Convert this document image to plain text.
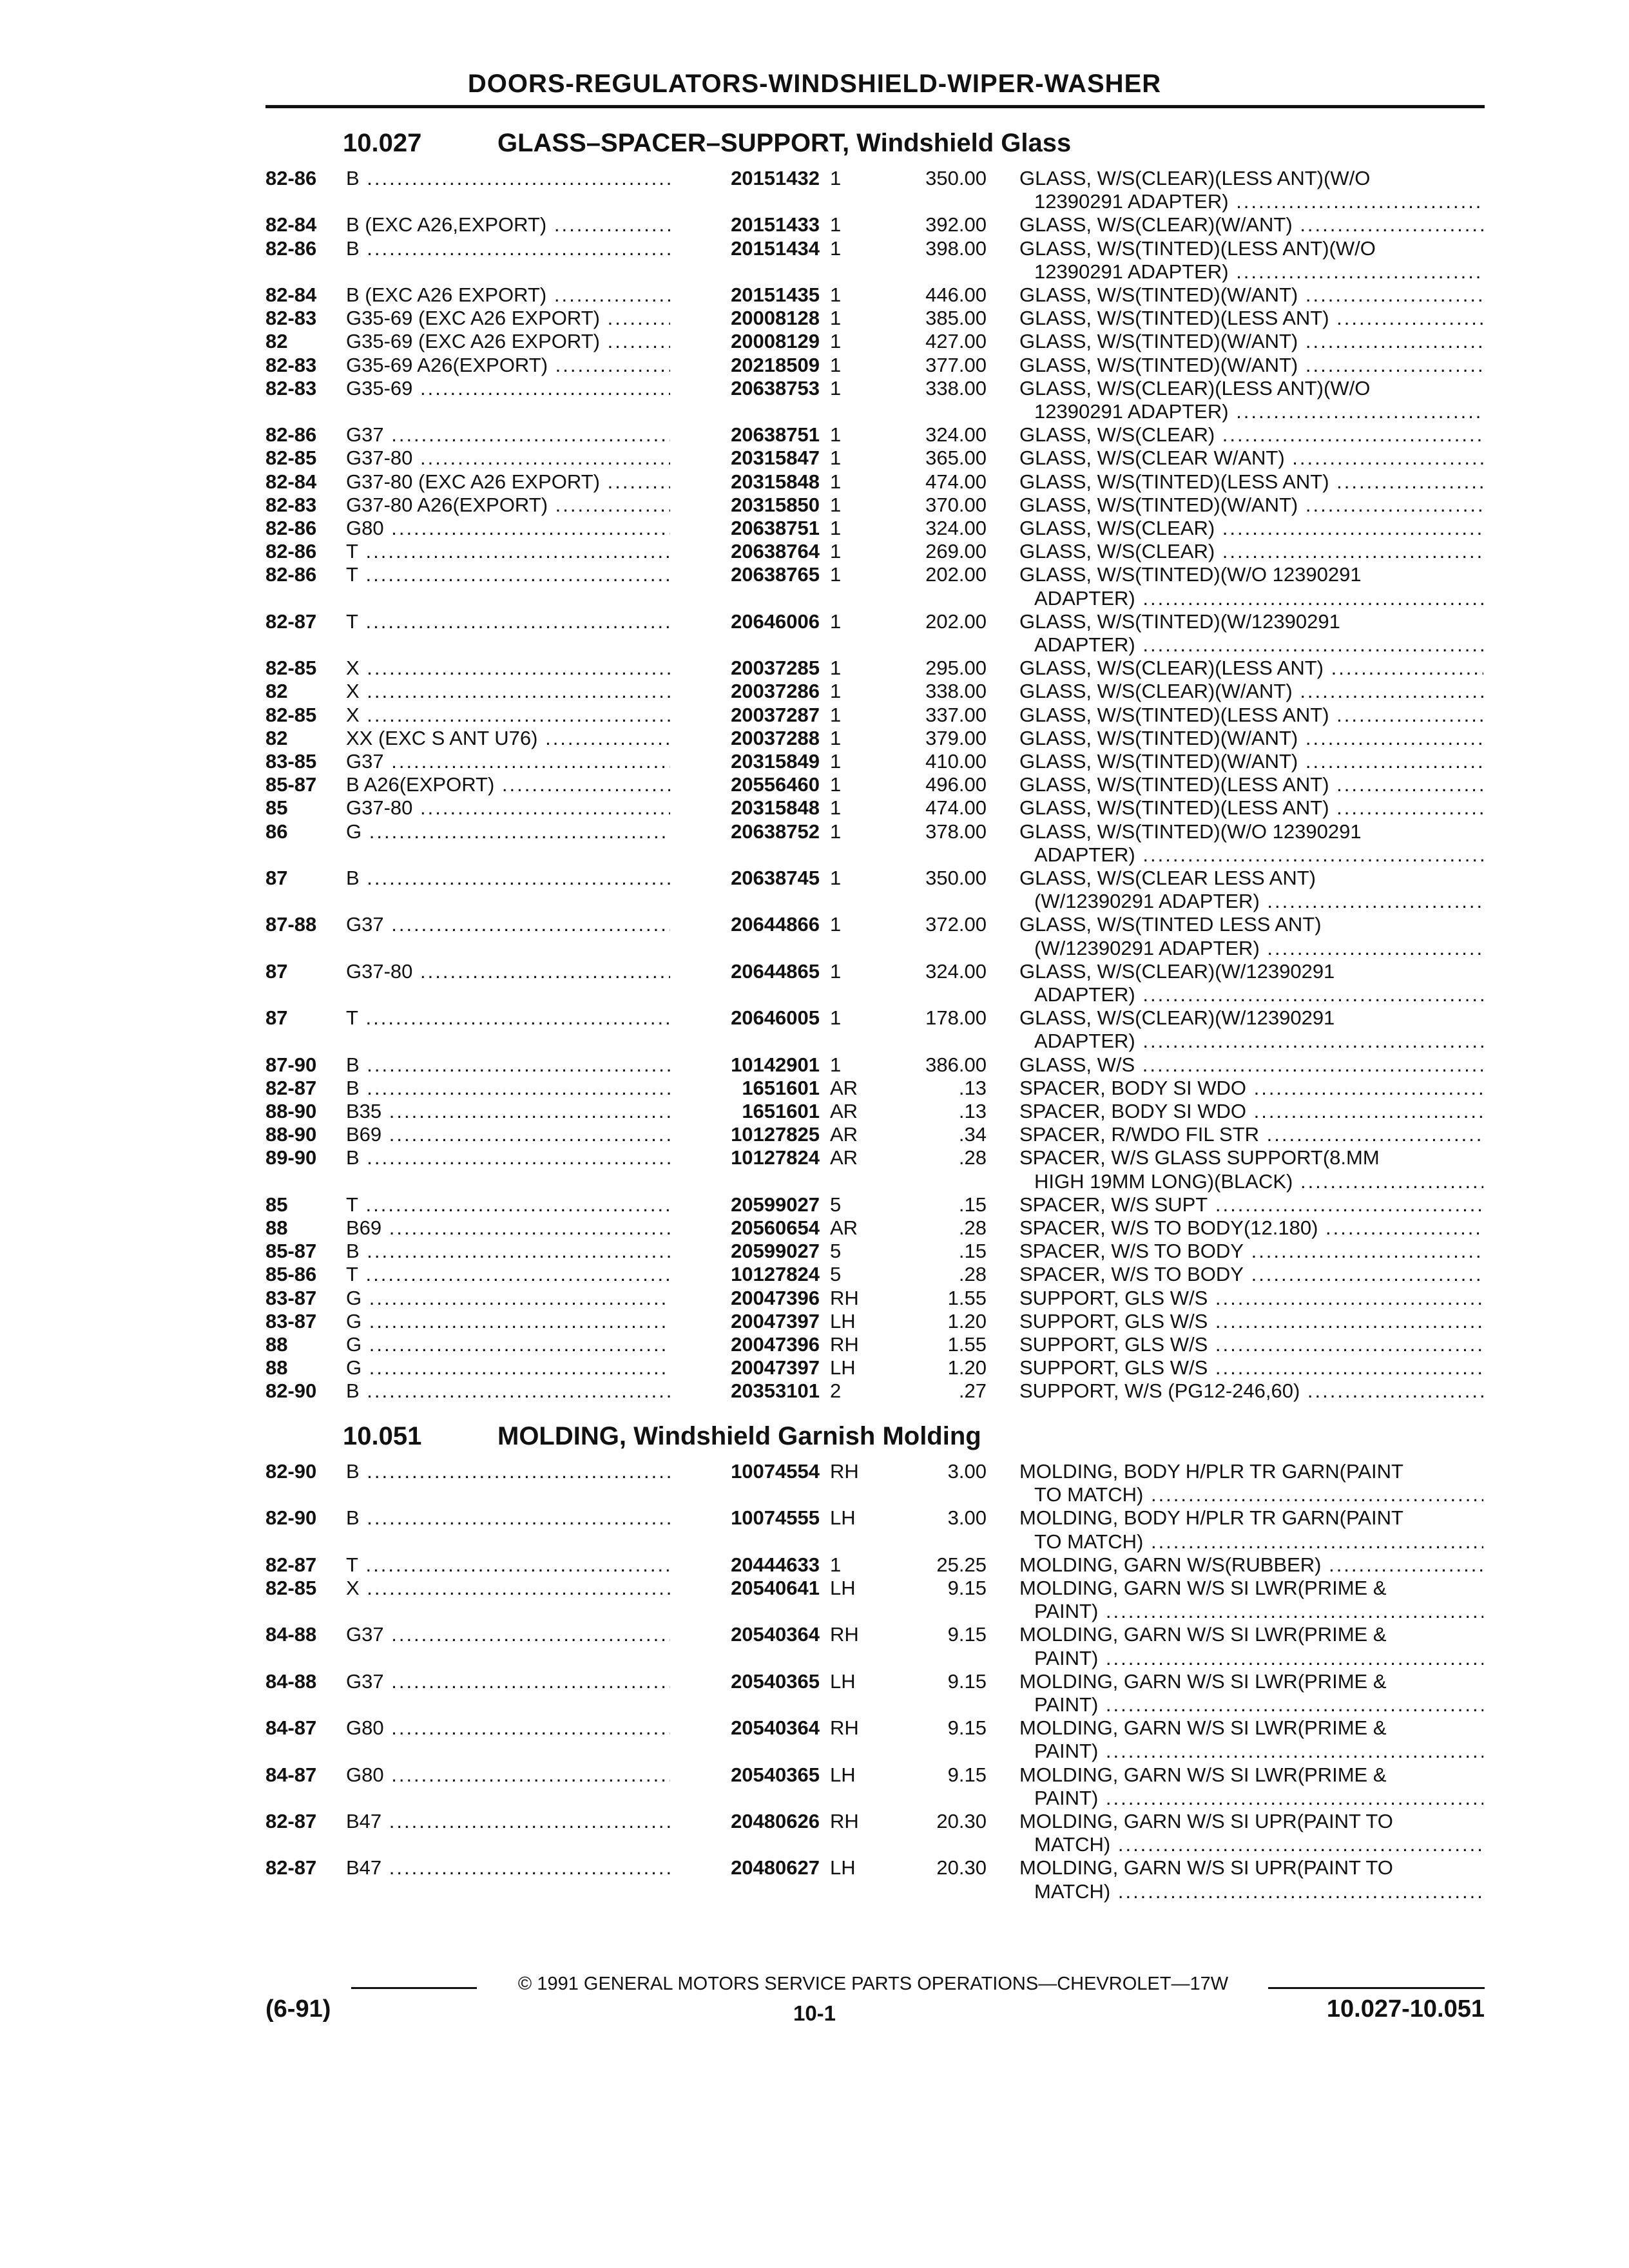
DOORS-REGULATORS-WINDSHIELD-WIPER-WASHER
10.027	GLASS–SPACER–SUPPORT, Windshield Glass
82-86 B .....	20151432 1	350.00 GLASS, W/S(CLEAR)(LESS ANT)(W/O
12390291 ADAPTER) .....
82-84 B (EXC A26,EXPORT) .....	20151433 1	392.00 GLASS, W/S(CLEAR)(W/ANT) .....
82-86 B .....	20151434 1	398.00 GLASS, W/S(TINTED)(LESS ANT)(W/O
12390291 ADAPTER) .....
82-84 B (EXC A26 EXPORT) .....	20151435 1	446.00 GLASS, W/S(TINTED)(W/ANT) .....
82-83 G35-69 (EXC A26 EXPORT) .....	20008128 1	385.00 GLASS, W/S(TINTED)(LESS ANT) .....
82	G35-69 (EXC A26 EXPORT) .....	20008129 1	427.00 GLASS, W/S(TINTED)(W/ANT) .....
82-83 G35-69 A26(EXPORT) .....	20218509 1	377.00 GLASS, W/S(TINTED)(W/ANT) .....
82-83 G35-69 .....	20638753 1	338.00 GLASS, W/S(CLEAR)(LESS ANT)(W/O
12390291 ADAPTER) .....
82-86 G37 .....	20638751 1	324.00 GLASS, W/S(CLEAR) .....
82-85 G37-80 .....	20315847 1	365.00 GLASS, W/S(CLEAR W/ANT) .....
82-84 G37-80 (EXC A26 EXPORT) .....	20315848 1	474.00 GLASS, W/S(TINTED)(LESS ANT) .....
82-83 G37-80 A26(EXPORT) .....	20315850 1	370.00 GLASS, W/S(TINTED)(W/ANT) .....
82-86 G80 .....	20638751 1	324.00 GLASS, W/S(CLEAR) .....
82-86 T .....	20638764 1	269.00 GLASS, W/S(CLEAR) .....
82-86 T .....	20638765 1	202.00 GLASS, W/S(TINTED)(W/O 12390291
ADAPTER) .....
82-87 T .....	20646006 1	202.00 GLASS, W/S(TINTED)(W/12390291
ADAPTER) .....
82-85 X .....	20037285 1	295.00 GLASS, W/S(CLEAR)(LESS ANT) .....
82	X .....	20037286 1	338.00 GLASS, W/S(CLEAR)(W/ANT) .....
82-85 X .....	20037287 1	337.00 GLASS, W/S(TINTED)(LESS ANT) .....
82	XX (EXC S ANT U76) .....	20037288 1	379.00 GLASS, W/S(TINTED)(W/ANT) .....
83-85 G37 .....	20315849 1	410.00 GLASS, W/S(TINTED)(W/ANT) .....
85-87 B A26(EXPORT) .....	20556460 1	496.00 GLASS, W/S(TINTED)(LESS ANT) .....
85	G37-80 .....	20315848 1	474.00 GLASS, W/S(TINTED)(LESS ANT) .....
86	G .....	20638752 1	378.00 GLASS, W/S(TINTED)(W/O 12390291
ADAPTER) .....
87	B .....	20638745 1	350.00 GLASS, W/S(CLEAR LESS ANT)
(W/12390291 ADAPTER) .....
87-88 G37 .....	20644866 1	372.00 GLASS, W/S(TINTED LESS ANT)
(W/12390291 ADAPTER) .....
87	G37-80 .....	20644865 1	324.00 GLASS, W/S(CLEAR)(W/12390291
ADAPTER) .....
87	T .....	20646005 1	178.00 GLASS, W/S(CLEAR)(W/12390291
ADAPTER) .....
87-90 B .....	10142901 1	386.00 GLASS, W/S .....
82-87 B .....	1651601 AR	.13 SPACER, BODY SI WDO .....
88-90 B35 .....	1651601 AR	.13 SPACER, BODY SI WDO .....
88-90 B69 .....	10127825 AR	.34 SPACER, R/WDO FIL STR .....
89-90 B .....	10127824 AR	.28 SPACER, W/S GLASS SUPPORT(8.MM
HIGH 19MM LONG)(BLACK) .....
85	T .....	20599027 5	.15 SPACER, W/S SUPT .....
88	B69 .....	20560654 AR	.28 SPACER, W/S TO BODY(12.180) .....
85-87 B .....	20599027 5	.15 SPACER, W/S TO BODY .....
85-86 T .....	10127824 5	.28 SPACER, W/S TO BODY .....
83-87 G .....	20047396 RH	1.55 SUPPORT, GLS W/S .....
83-87 G .....	20047397 LH	1.20 SUPPORT, GLS W/S .....
88	G .....	20047396 RH	1.55 SUPPORT, GLS W/S .....
88	G .....	20047397 LH	1.20 SUPPORT, GLS W/S .....
82-90 B .....	20353101 2	.27 SUPPORT, W/S (PG12-246,60) .....
10.051	MOLDING, Windshield Garnish Molding
82-90 B .....	10074554 RH	3.00 MOLDING, BODY H/PLR TR GARN(PAINT
TO MATCH) .....
82-90 B .....	10074555 LH	3.00 MOLDING, BODY H/PLR TR GARN(PAINT
TO MATCH) .....
82-87 T .....	20444633 1	25.25 MOLDING, GARN W/S(RUBBER) .....
82-85 X .....	20540641 LH	9.15 MOLDING, GARN W/S SI LWR(PRIME &
PAINT) .....
84-88 G37 .....	20540364 RH	9.15 MOLDING, GARN W/S SI LWR(PRIME &
PAINT) .....
84-88 G37 .....	20540365 LH	9.15 MOLDING, GARN W/S SI LWR(PRIME &
PAINT) .....
84-87 G80 .....	20540364 RH	9.15 MOLDING, GARN W/S SI LWR(PRIME &
PAINT) .....
84-87 G80 .....	20540365 LH	9.15 MOLDING, GARN W/S SI LWR(PRIME &
PAINT) .....
82-87 B47 .....	20480626 RH	20.30 MOLDING, GARN W/S SI UPR(PAINT TO
MATCH) .....
82-87 B47 .....	20480627 LH	20.30 MOLDING, GARN W/S SI UPR(PAINT TO
MATCH) .....
© 1991 GENERAL MOTORS SERVICE PARTS OPERATIONS—CHEVROLET—17W
(6-91)	10-1	10.027-10.051
